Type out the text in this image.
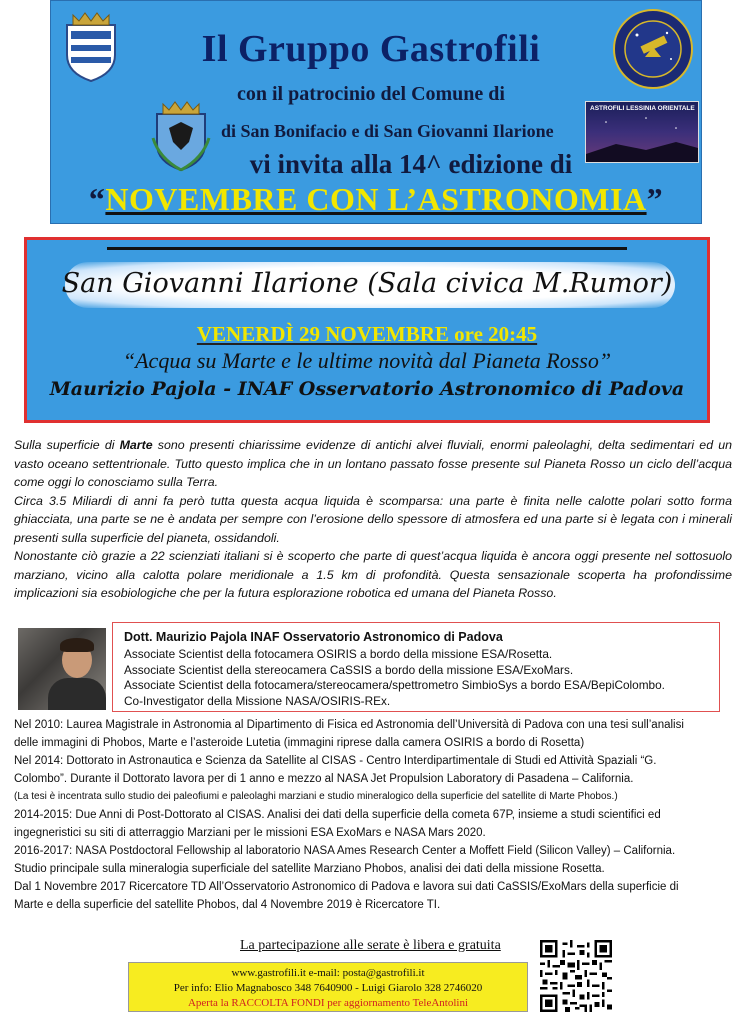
Il Gruppo Gastrofili
con il patrocinio del Comune di
di San Bonifacio e di San Giovanni Ilarione
ASTROFILI LESSINIA ORIENTALE
vi invita alla 14^ edizione di
“NOVEMBRE CON L’ASTRONOMIA”
San Giovanni Ilarione (Sala civica M.Rumor)
VENERDÌ 29 NOVEMBRE ore 20:45
“Acqua su Marte e le ultime novità dal Pianeta Rosso”
Maurizio Pajola - INAF Osservatorio Astronomico di Padova

Sulla superficie di Marte sono presenti chiarissime evidenze di antichi alvei fluviali, enormi paleolaghi, delta sedimentari ed un vasto oceano settentrionale. Tutto questo implica che in un lontano passato fosse presente sul Pianeta Rosso un ciclo dell’acqua come oggi lo conosciamo sulla Terra.

Circa 3.5 Miliardi di anni fa però tutta questa acqua liquida è scomparsa: una parte è finita nelle calotte polari sotto forma ghiacciata, una parte se ne è andata per sempre con l’erosione dello spessore di atmosfera ed una parte si è legata con i minerali presenti sulla superficie del pianeta, ossidandoli.

Nonostante ciò grazie a 22 scienziati italiani si è scoperto che parte di quest’acqua liquida è ancora oggi presente nel sottosuolo marziano, vicino alla calotta polare meridionale a 1.5 km di profondità. Questa sensazionale scoperta ha profondissime implicazioni sia esobiologiche che per la futura esplorazione robotica ed umana del Pianeta Rosso.

Dott. Maurizio Pajola INAF Osservatorio Astronomico di Padova
Associate Scientist della fotocamera OSIRIS a bordo della missione ESA/Rosetta.
Associate Scientist della stereocamera CaSSIS a bordo della missione ESA/ExoMars.
Associate Scientist della fotocamera/stereocamera/spettrometro SimbioSys a bordo ESA/BepiColombo.
Co-Investigator della Missione NASA/OSIRIS-REx.
Nel 2010: Laurea Magistrale in Astronomia al Dipartimento di Fisica ed Astronomia dell’Università di Padova con una tesi sull’analisi
delle immagini di Phobos, Marte e l’asteroide Lutetia (immagini riprese dalla camera OSIRIS a bordo di Rosetta)
Nel 2014: Dottorato in Astronautica e Scienza da Satellite al CISAS - Centro Interdipartimentale di Studi ed Attività Spaziali “G.
Colombo”. Durante il Dottorato lavora per di 1 anno e mezzo al NASA Jet Propulsion Laboratory di Pasadena – California.
(La tesi è incentrata sullo studio dei paleofiumi e paleolaghi marziani e studio mineralogico della superficie del satellite di Marte Phobos.)
2014-2015: Due Anni di Post-Dottorato al CISAS. Analisi dei dati della superficie della cometa 67P, insieme a studi scientifici ed
ingegneristici su siti di atterraggio Marziani per le missioni ESA ExoMars e NASA Mars 2020.
2016-2017: NASA Postdoctoral Fellowship al laboratorio NASA Ames Research Center a Moffett Field (Silicon Valley) – California.
Studio principale sulla mineralogia superficiale del satellite Marziano Phobos, analisi dei dati della missione Rosetta.
Dal 1 Novembre 2017 Ricercatore TD All’Osservatorio Astronomico di Padova e lavora sui dati CaSSIS/ExoMars della superficie di
Marte e della superficie del satellite Phobos, dal 4 Novembre 2019 è Ricercatore TI.
La partecipazione alle serate è libera e gratuita
www.gastrofili.it e-mail: posta@gastrofili.it
Per info: Elio Magnabosco 348 7640900 - Luigi Giarolo 328 2746020
Aperta la RACCOLTA FONDI per aggiornamento TeleAntolini
